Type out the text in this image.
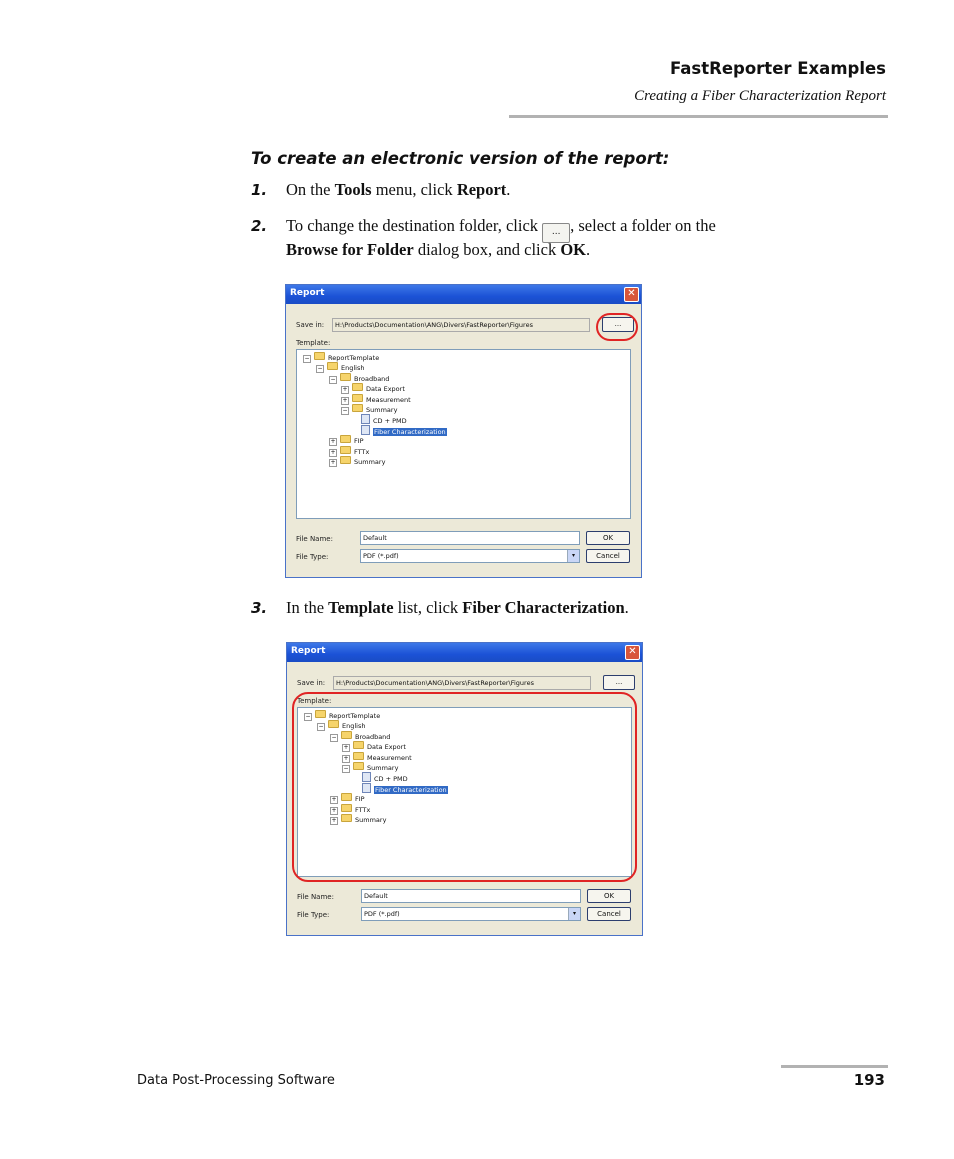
FastReporter Examples
Creating a Fiber Characterization Report
To create an electronic version of the report:
1. On the Tools menu, click Report.
2. To change the destination folder, click ... , select a folder on the
Browse for Folder dialog box, and click OK.
Report	✕
Save in:	H:\Products\Documentation\ANG\Divers\FastReporter\Figures	...
Template:
−	ReportTemplate
−	English
−	Broadband
+	Data Export
+	Measurement
−	Summary
CD + PMD
Fiber Characterization
+	FIP
+	FTTx
+	Summary
File Name:	Default	OK
File Type:	PDF (*.pdf)	▾	Cancel
3. In the Template list, click Fiber Characterization.
Report	✕
Save in:	H:\Products\Documentation\ANG\Divers\FastReporter\Figures	...
Template:
−	ReportTemplate
−	English
−	Broadband
+	Data Export
+	Measurement
−	Summary
CD + PMD
Fiber Characterization
+	FIP
+	FTTx
+	Summary
File Name:	Default	OK
File Type:	PDF (*.pdf)	▾	Cancel
Data Post-Processing Software	193
